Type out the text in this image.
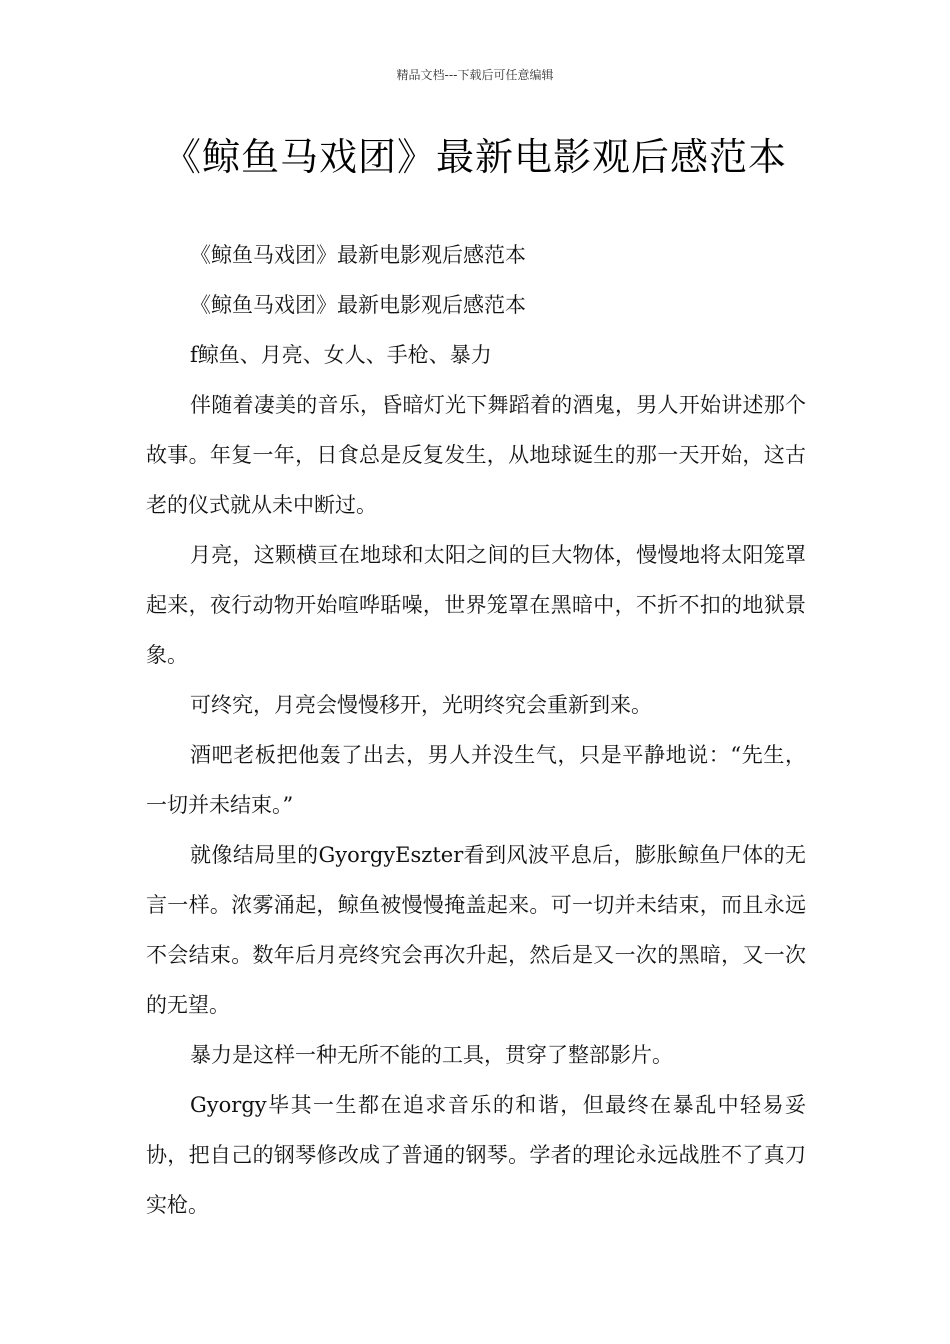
精品文档---下载后可任意编辑
《鲸鱼马戏团》最新电影观后感范本

《鲸鱼马戏团》最新电影观后感范本

《鲸鱼马戏团》最新电影观后感范本

f鲸鱼、月亮、女人、手枪、暴力

伴随着凄美的音乐，昏暗灯光下舞蹈着的酒鬼，男人开始讲述那个故事。年复一年，日食总是反复发生，从地球诞生的那一天开始，这古老的仪式就从未中断过。

月亮，这颗横亘在地球和太阳之间的巨大物体，慢慢地将太阳笼罩起来，夜行动物开始喧哗聒噪，世界笼罩在黑暗中，不折不扣的地狱景象。

可终究，月亮会慢慢移开，光明终究会重新到来。

酒吧老板把他轰了出去，男人并没生气，只是平静地说：“先生，一切并未结束。”

就像结局里的GyorgyEszter看到风波平息后，膨胀鲸鱼尸体的无言一样。浓雾涌起，鲸鱼被慢慢掩盖起来。可一切并未结束，而且永远不会结束。数年后月亮终究会再次升起，然后是又一次的黑暗，又一次的无望。

暴力是这样一种无所不能的工具，贯穿了整部影片。

Gyorgy毕其一生都在追求音乐的和谐，但最终在暴乱中轻易妥协，把自己的钢琴修改成了普通的钢琴。学者的理论永远战胜不了真刀实枪。
